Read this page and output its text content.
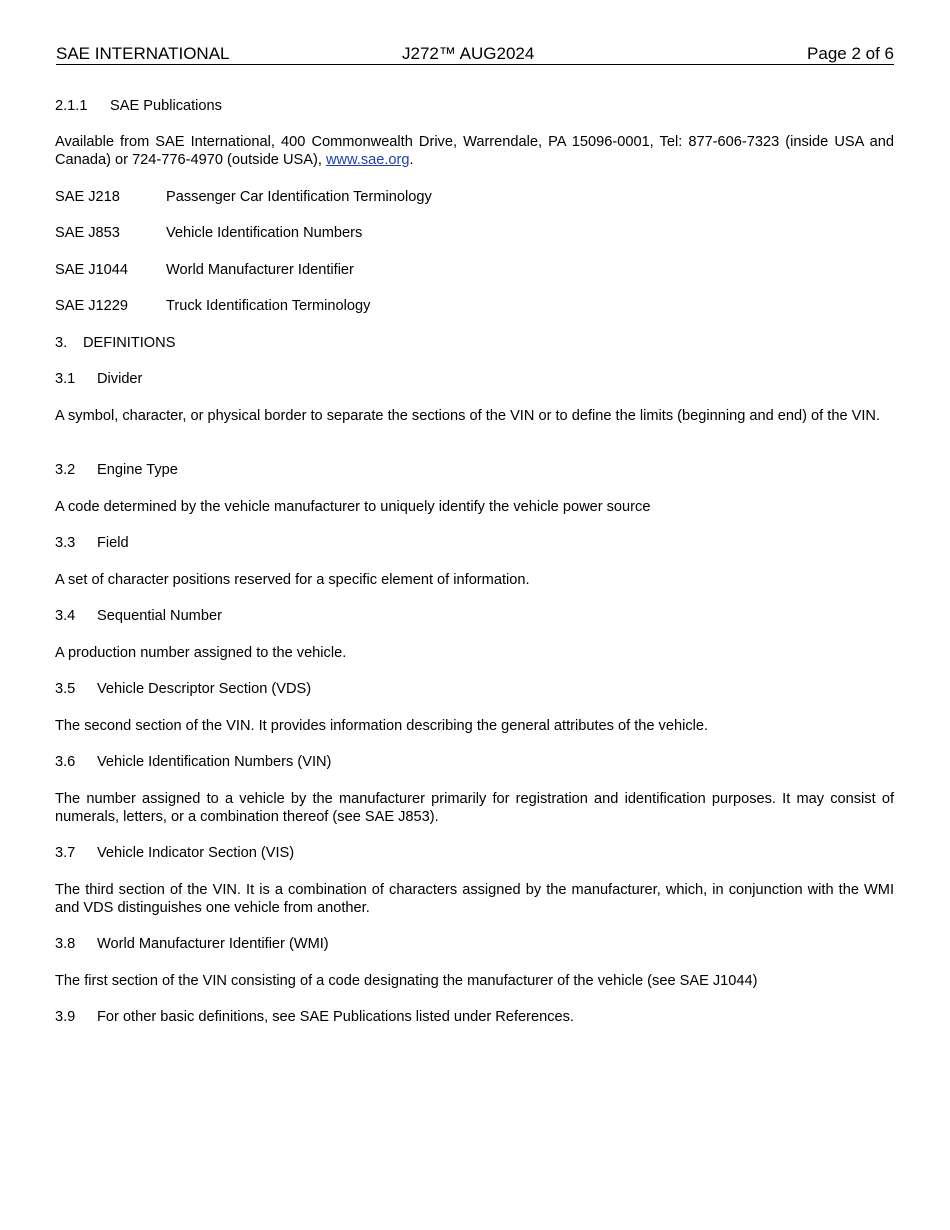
SAE INTERNATIONAL	J272™ AUG2024	Page 2 of 6
2.1.1 SAE Publications
Available from SAE International, 400 Commonwealth Drive, Warrendale, PA 15096-0001, Tel: 877-606-7323 (inside USA and Canada) or 724-776-4970 (outside USA), www.sae.org.
SAE J218	Passenger Car Identification Terminology
SAE J853	Vehicle Identification Numbers
SAE J1044	World Manufacturer Identifier
SAE J1229	Truck Identification Terminology
3. DEFINITIONS
3.1 Divider
A symbol, character, or physical border to separate the sections of the VIN or to define the limits (beginning and end) of the VIN.
3.2 Engine Type
A code determined by the vehicle manufacturer to uniquely identify the vehicle power source
3.3 Field
A set of character positions reserved for a specific element of information.
3.4 Sequential Number
A production number assigned to the vehicle.
3.5 Vehicle Descriptor Section (VDS)
The second section of the VIN. It provides information describing the general attributes of the vehicle.
3.6 Vehicle Identification Numbers (VIN)
The number assigned to a vehicle by the manufacturer primarily for registration and identification purposes. It may consist of numerals, letters, or a combination thereof (see SAE J853).
3.7 Vehicle Indicator Section (VIS)
The third section of the VIN. It is a combination of characters assigned by the manufacturer, which, in conjunction with the WMI and VDS distinguishes one vehicle from another.
3.8 World Manufacturer Identifier (WMI)
The first section of the VIN consisting of a code designating the manufacturer of the vehicle (see SAE J1044)
3.9 For other basic definitions, see SAE Publications listed under References.
